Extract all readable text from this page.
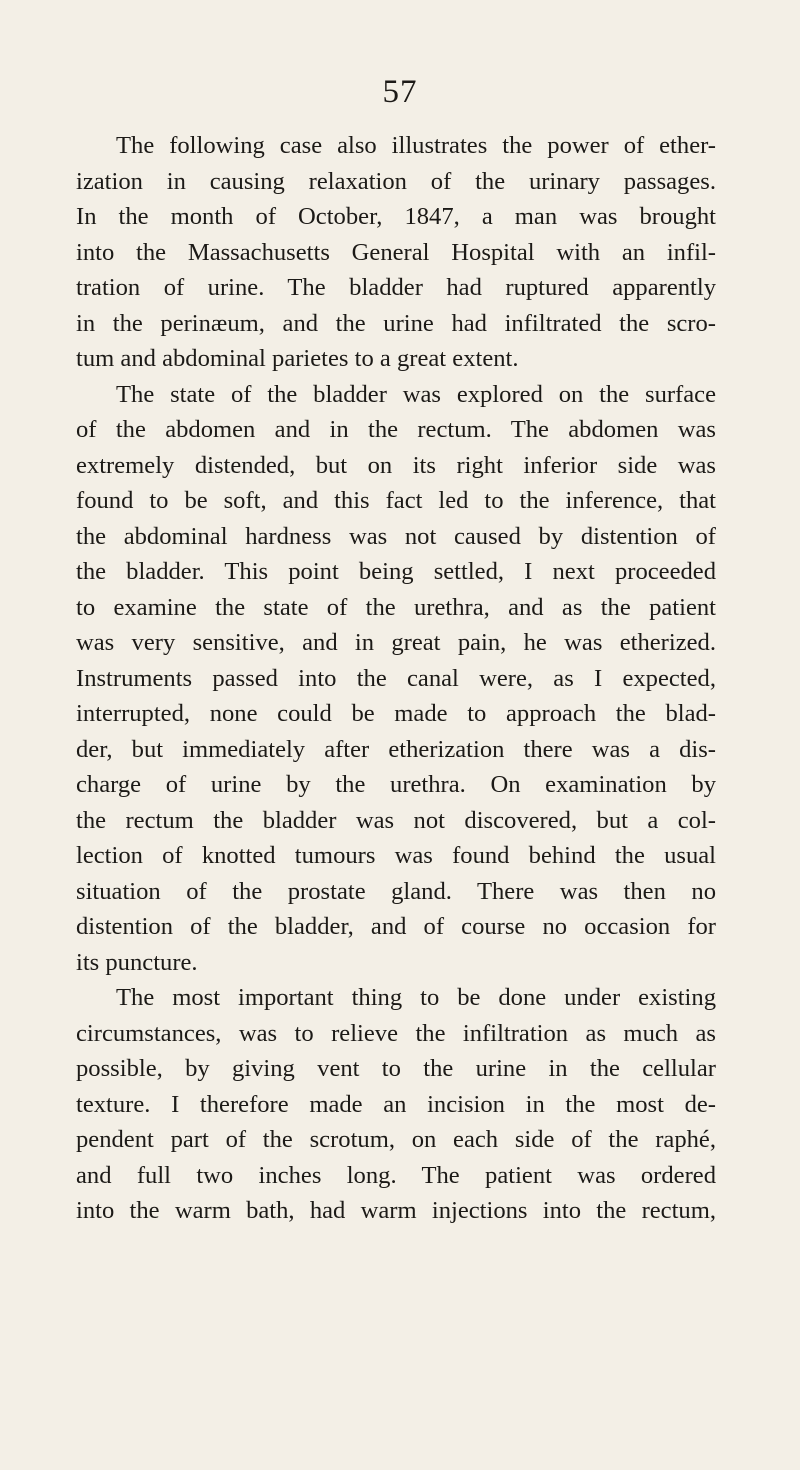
57
The following case also illustrates the power of ether-
ization in causing relaxation of the urinary passages.
In the month of October, 1847, a man was brought
into the Massachusetts General Hospital with an infil-
tration of urine. The bladder had ruptured apparently
in the perinæum, and the urine had infiltrated the scro-
tum and abdominal parietes to a great extent.
The state of the bladder was explored on the surface
of the abdomen and in the rectum. The abdomen was
extremely distended, but on its right inferior side was
found to be soft, and this fact led to the inference, that
the abdominal hardness was not caused by distention of
the bladder. This point being settled, I next proceeded
to examine the state of the urethra, and as the patient
was very sensitive, and in great pain, he was etherized.
Instruments passed into the canal were, as I expected,
interrupted, none could be made to approach the blad-
der, but immediately after etherization there was a dis-
charge of urine by the urethra. On examination by
the rectum the bladder was not discovered, but a col-
lection of knotted tumours was found behind the usual
situation of the prostate gland. There was then no
distention of the bladder, and of course no occasion for
its puncture.
The most important thing to be done under existing
circumstances, was to relieve the infiltration as much as
possible, by giving vent to the urine in the cellular
texture. I therefore made an incision in the most de-
pendent part of the scrotum, on each side of the raphé,
and full two inches long. The patient was ordered
into the warm bath, had warm injections into the rectum,
